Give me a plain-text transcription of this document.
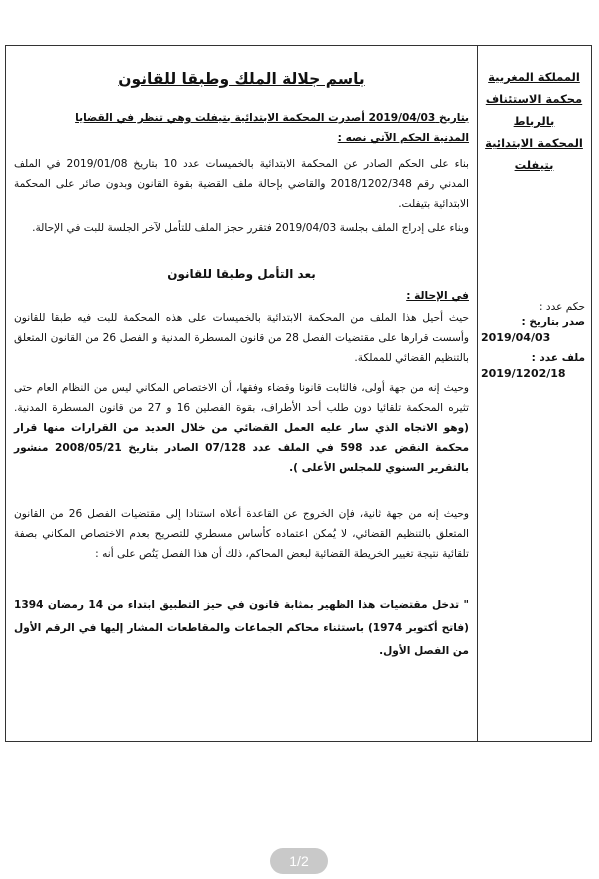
المملكة المغربية
محكمة الاستئناف
بالرباط
المحكمة الابتدائية
بتيفلت
حكم عدد :
صدر بتاريخ :
2019/04/03
ملف عدد :
2019/1202/18
باسم جلالة الملك وطبقا للقانون
بتاريخ 2019/04/03 أصدرت المحكمة الابتدائية بتيفلت وهي تنظر في القضايا
المدنية الحكم الآتي نصه :
بناء على الحكم الصادر عن المحكمة الابتدائية بالخميسات عدد 10 بتاريخ 2019/01/08 في الملف المدني رقم 2018/1202/348 والقاضي بإحالة ملف القضية بقوة القانون وبدون صائر على المحكمة الابتدائية بتيفلت.
وبناء على إدراج الملف بجلسة 2019/04/03 فتقرر حجز الملف للتأمل لآخر الجلسة للبت في الإحالة.
بعد التأمل وطبقا للقانون
في الإحالة :
حيث أحيل هذا الملف من المحكمة الابتدائية بالخميسات على هذه المحكمة للبت فيه طبقا للقانون وأسست قرارها على مقتضيات الفصل 28 من قانون المسطرة المدنية و الفصل 26 من القانون المتعلق بالتنظيم القضائي للمملكة.
وحيث إنه من جهة أولى، فالثابت قانونا وقضاء وفقها، أن الاختصاص المكاني ليس من النظام العام حتى تثيره المحكمة تلقائيا دون طلب أحد الأطراف، بقوة الفصلين 16 و 27 من قانون المسطرة المدنية. (وهو الاتجاه الذي سار عليه العمل القضائي من خلال العديد من القرارات منها قرار محكمة النقض عدد 598 في الملف عدد 07/128 الصادر بتاريخ 2008/05/21 منشور بالتقرير السنوي للمجلس الأعلى ).
وحيث إنه من جهة ثانية، فإن الخروج عن القاعدة أعلاه استنادا إلى مقتضيات الفصل 26 من القانون المتعلق بالتنظيم القضائي، لا يُمكن اعتماده كأساس مسطري للتصريح بعدم الاختصاص المكاني بصفة تلقائية نتيجة تغيير الخريطة القضائية لبعض المحاكم، ذلك أن هذا الفصل يَنُص على أنه :
" تدخل مقتضيات هذا الظهير بمثابة قانون في حيز التطبيق ابتداء من 14 رمضان 1394 (فاتح أكتوبر 1974) باستثناء محاكم الجماعات والمقاطعات المشار إليها في الرقم الأول من الفصل الأول.
1/2
